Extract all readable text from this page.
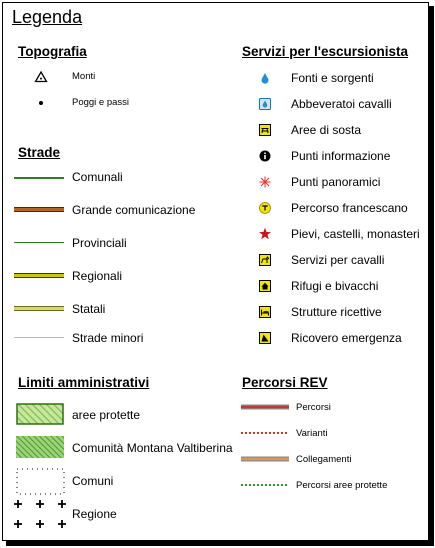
Legenda
Topografia
Monti
Poggi e passi
Strade
Comunali
Grande comunicazione
Provinciali
Regionali
Statali
Strade minori
Limiti amministrativi
aree protette
Comunità Montana Valtiberina
Comuni
Regione
Servizi per l'escursionista
Fonti e sorgenti
Abbeveratoi cavalli
Aree di sosta
Punti informazione
Punti panoramici
Percorso francescano
Pievi, castelli, monasteri
Servizi per cavalli
Rifugi e bivacchi
Strutture ricettive
Ricovero emergenza
Percorsi REV
Percorsi
Varianti
Collegamenti
Percorsi aree protette
